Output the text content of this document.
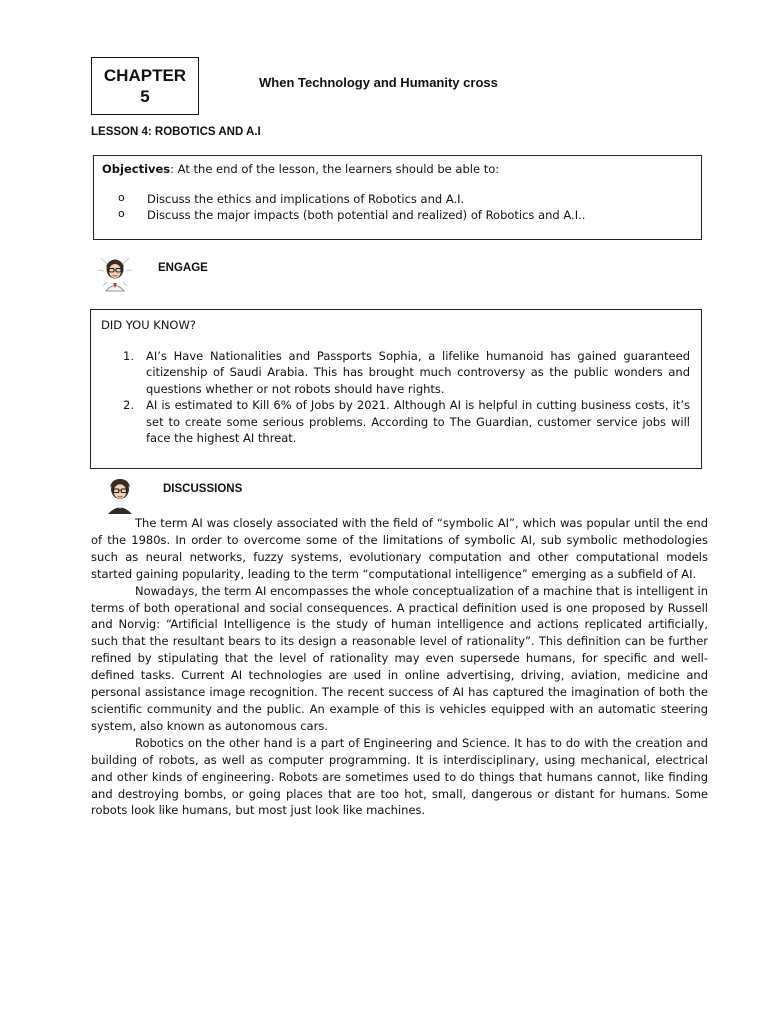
CHAPTER
5
When Technology and Humanity cross
LESSON 4: ROBOTICS AND A.I
Objectives: At the end of the lesson, the learners should be able to:
o Discuss the ethics and implications of Robotics and A.I.
o Discuss the major impacts (both potential and realized) of Robotics and A.I..
ENGAGE
DID YOU KNOW?
1. AI’s Have Nationalities and Passports Sophia, a lifelike humanoid has gained guaranteed citizenship of Saudi Arabia. This has brought much controversy as the public wonders and questions whether or not robots should have rights.
2. AI is estimated to Kill 6% of Jobs by 2021. Although AI is helpful in cutting business costs, it’s set to create some serious problems. According to The Guardian, customer service jobs will face the highest AI threat.
DISCUSSIONS

The term AI was closely associated with the field of “symbolic AI”, which was popular until the end of the 1980s. In order to overcome some of the limitations of symbolic AI, sub symbolic methodologies such as neural networks, fuzzy systems, evolutionary computation and other computational models started gaining popularity, leading to the term “computational intelligence” emerging as a subfield of AI.

Nowadays, the term AI encompasses the whole conceptualization of a machine that is intelligent in terms of both operational and social consequences. A practical definition used is one proposed by Russell and Norvig: “Artificial Intelligence is the study of human intelligence and actions replicated artificially, such that the resultant bears to its design a reasonable level of rationality”. This definition can be further refined by stipulating that the level of rationality may even supersede humans, for specific and well-defined tasks. Current AI technologies are used in online advertising, driving, aviation, medicine and personal assistance image recognition. The recent success of AI has captured the imagination of both the scientific community and the public. An example of this is vehicles equipped with an automatic steering system, also known as autonomous cars.

Robotics on the other hand is a part of Engineering and Science. It has to do with the creation and building of robots, as well as computer programming. It is interdisciplinary, using mechanical, electrical and other kinds of engineering. Robots are sometimes used to do things that humans cannot, like finding and destroying bombs, or going places that are too hot, small, dangerous or distant for humans. Some robots look like humans, but most just look like machines.
